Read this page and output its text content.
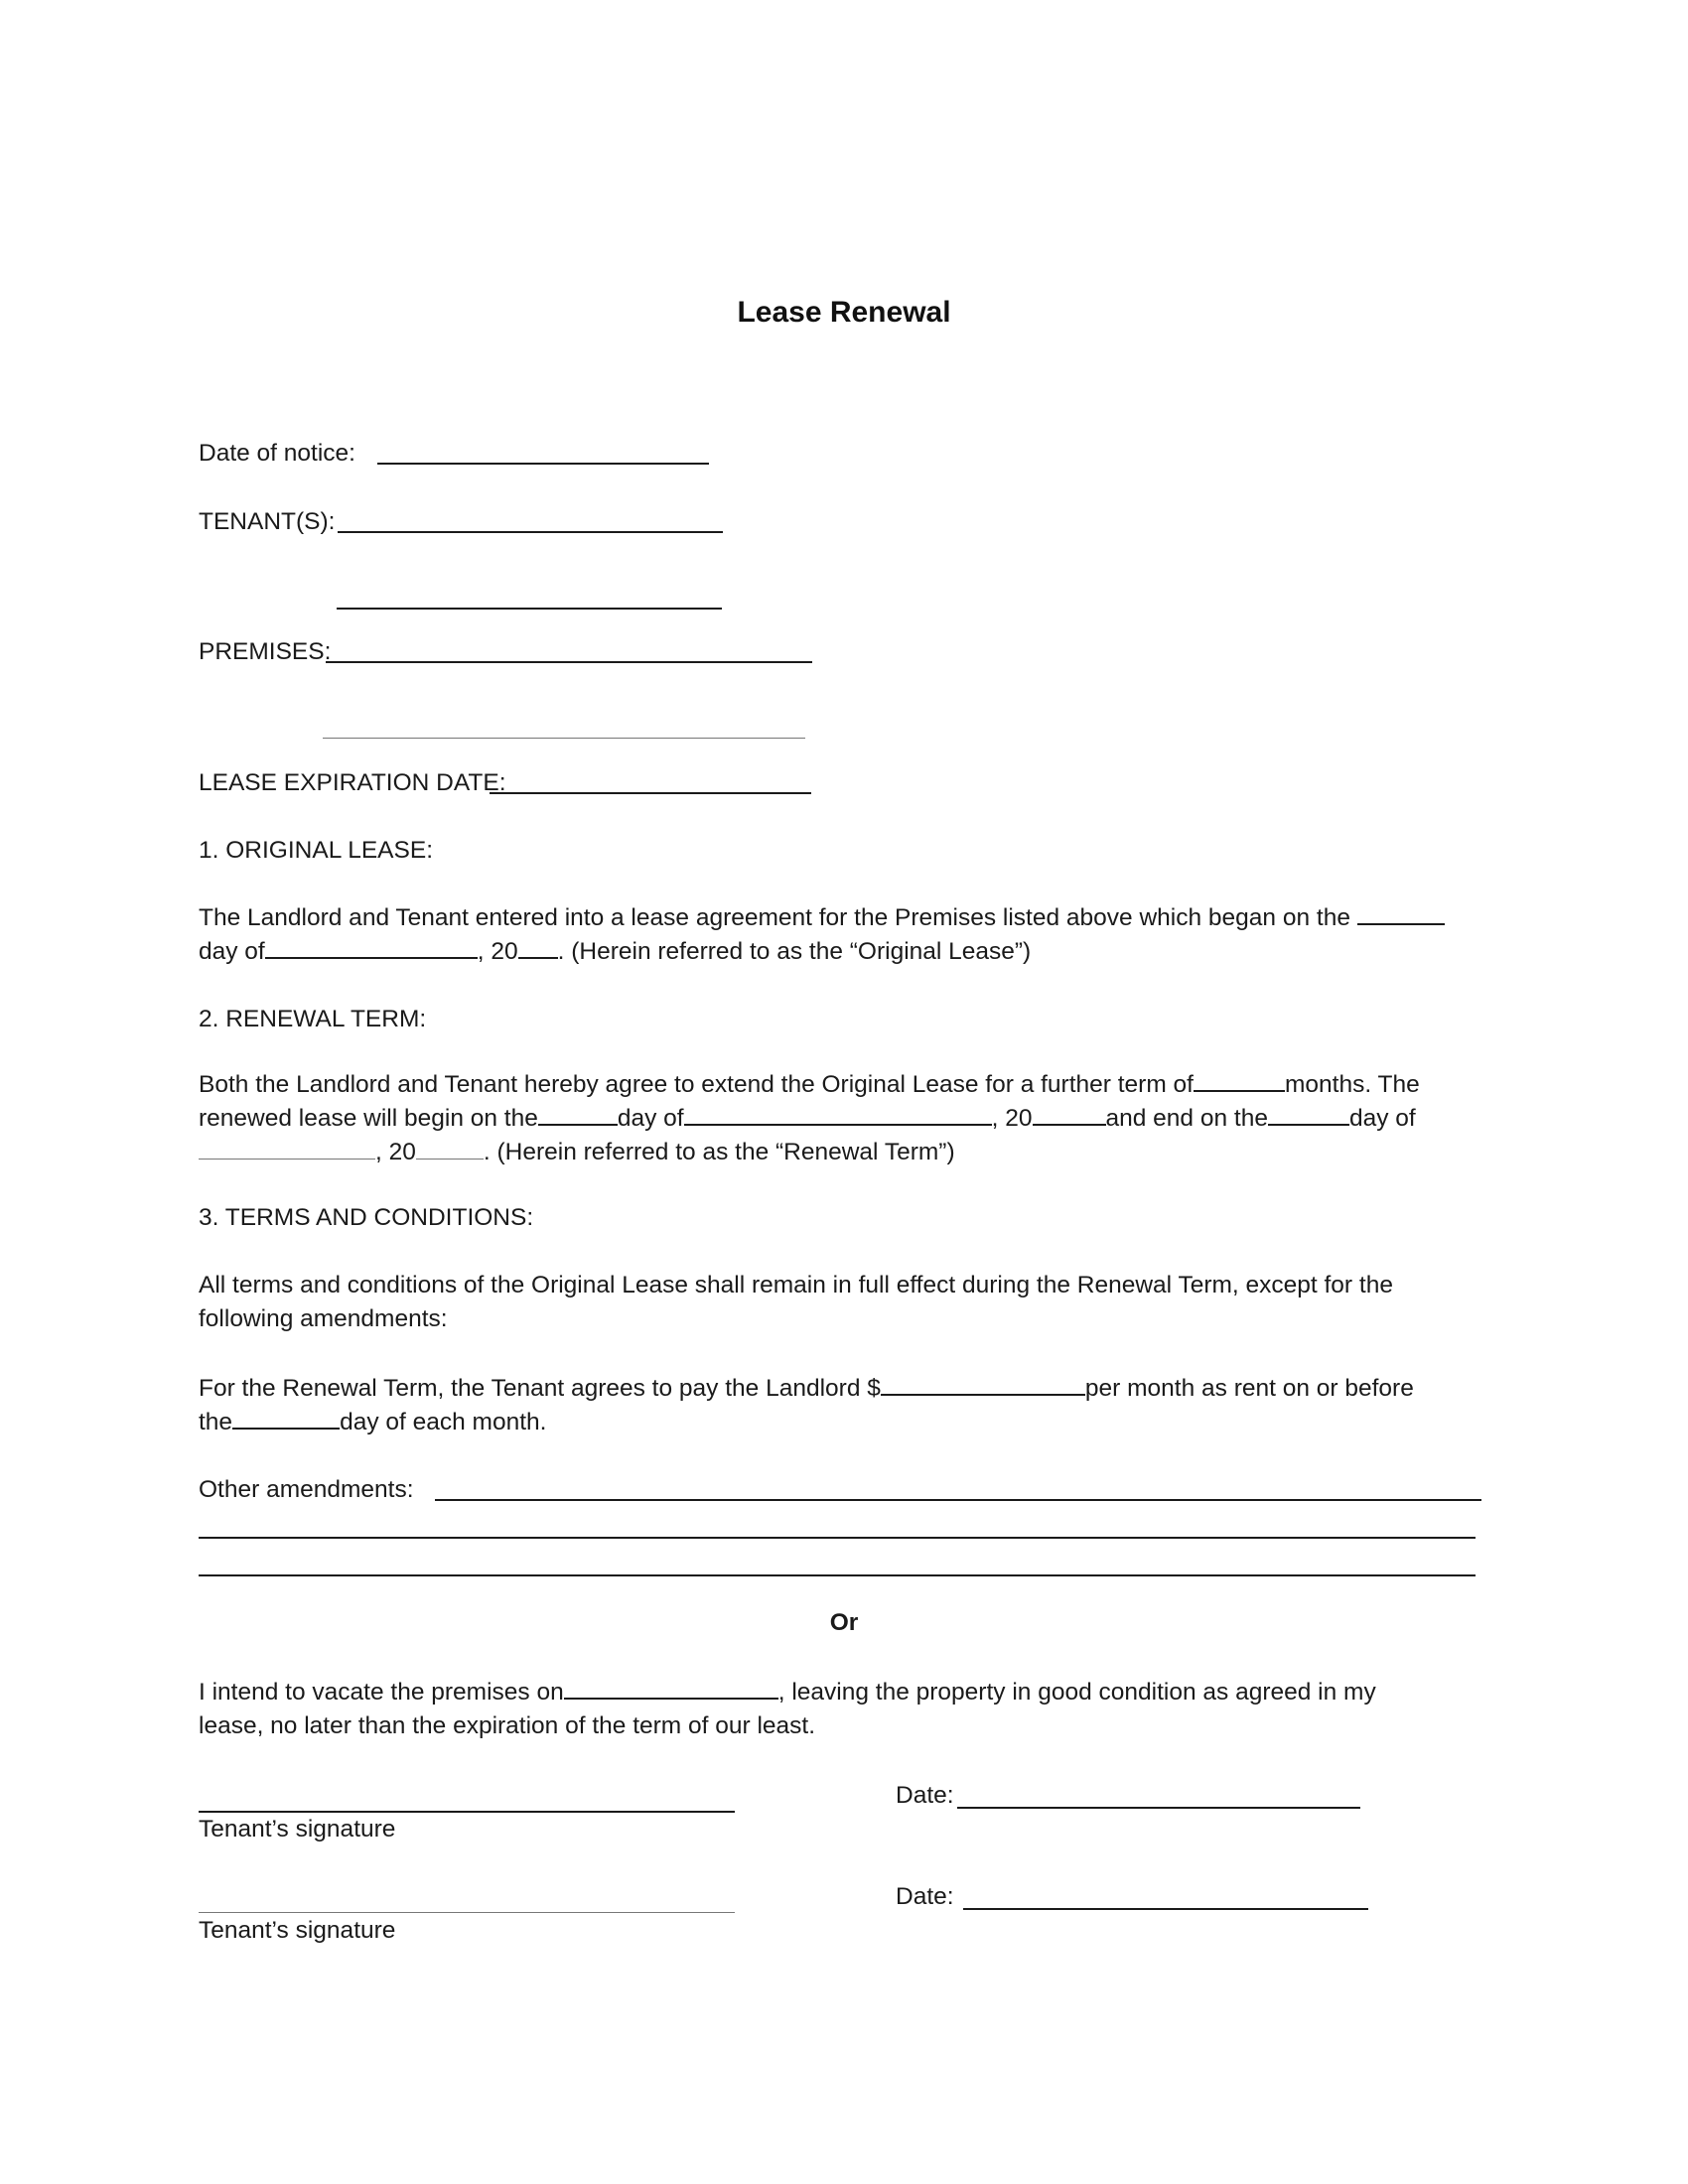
Lease Renewal
Date of notice:
TENANT(S):
PREMISES:
LEASE EXPIRATION DATE:
1. ORIGINAL LEASE:
The Landlord and Tenant entered into a lease agreement for the Premises listed above which began on the
day of	, 20 . (Herein referred to as the “Original Lease”)
2. RENEWAL TERM:
Both the Landlord and Tenant hereby agree to extend the Original Lease for a further term of	months. The
renewed lease will begin on the	day of	, 20	and end on the	day of
, 20	. (Herein referred to as the “Renewal Term”)
3. TERMS AND CONDITIONS:
All terms and conditions of the Original Lease shall remain in full effect during the Renewal Term, except for the
following amendments:
For the Renewal Term, the Tenant agrees to pay the Landlord $	per month as rent on or before
the	day of each month.
Other amendments:
Or
I intend to vacate the premises on	, leaving the property in good condition as agreed in my
lease, no later than the expiration of the term of our least.
Tenant’s signature
Date:
Tenant’s signature
Date:
